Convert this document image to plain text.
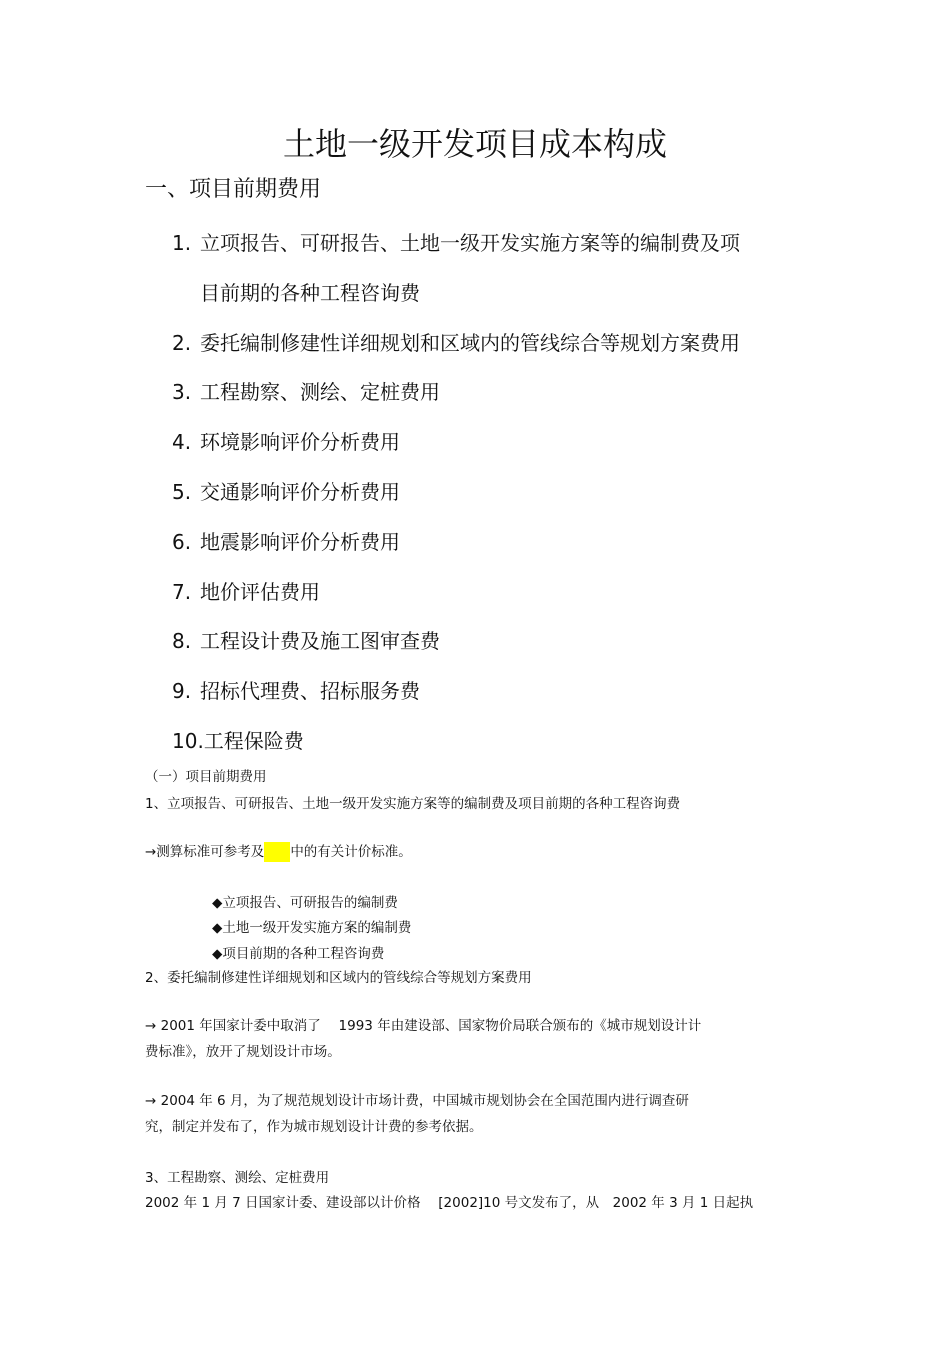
土地一级开发项目成本构成
一、项目前期费用
1. 立项报告、可研报告、土地一级开发实施方案等的编制费及项
目前期的各种工程咨询费
2. 委托编制修建性详细规划和区域内的管线综合等规划方案费用
3. 工程勘察、测绘、定桩费用
4. 环境影响评价分析费用
5. 交通影响评价分析费用
6. 地震影响评价分析费用
7. 地价评估费用
8. 工程设计费及施工图审查费
9. 招标代理费、招标服务费
10.工程保险费
（一）项目前期费用
1、立项报告、可研报告、土地一级开发实施方案等的编制费及项目前期的各种工程咨询费
→测算标准可参考及 中的有关计价标准。
◆立项报告、可研报告的编制费
◆土地一级开发实施方案的编制费
◆项目前期的各种工程咨询费
2、委托编制修建性详细规划和区域内的管线综合等规划方案费用
→ 2001 年国家计委中取消了　 1993 年由建设部、国家物价局联合颁布的《城市规划设计计
费标准》，放开了规划设计市场。
→ 2004 年 6 月，为了规范规划设计市场计费，中国城市规划协会在全国范围内进行调查研
究，制定并发布了，作为城市规划设计计费的参考依据。
3、工程勘察、测绘、定桩费用
2002 年 1 月 7 日国家计委、建设部以计价格　 [2002]10 号文发布了，从　2002 年 3 月 1 日起执
